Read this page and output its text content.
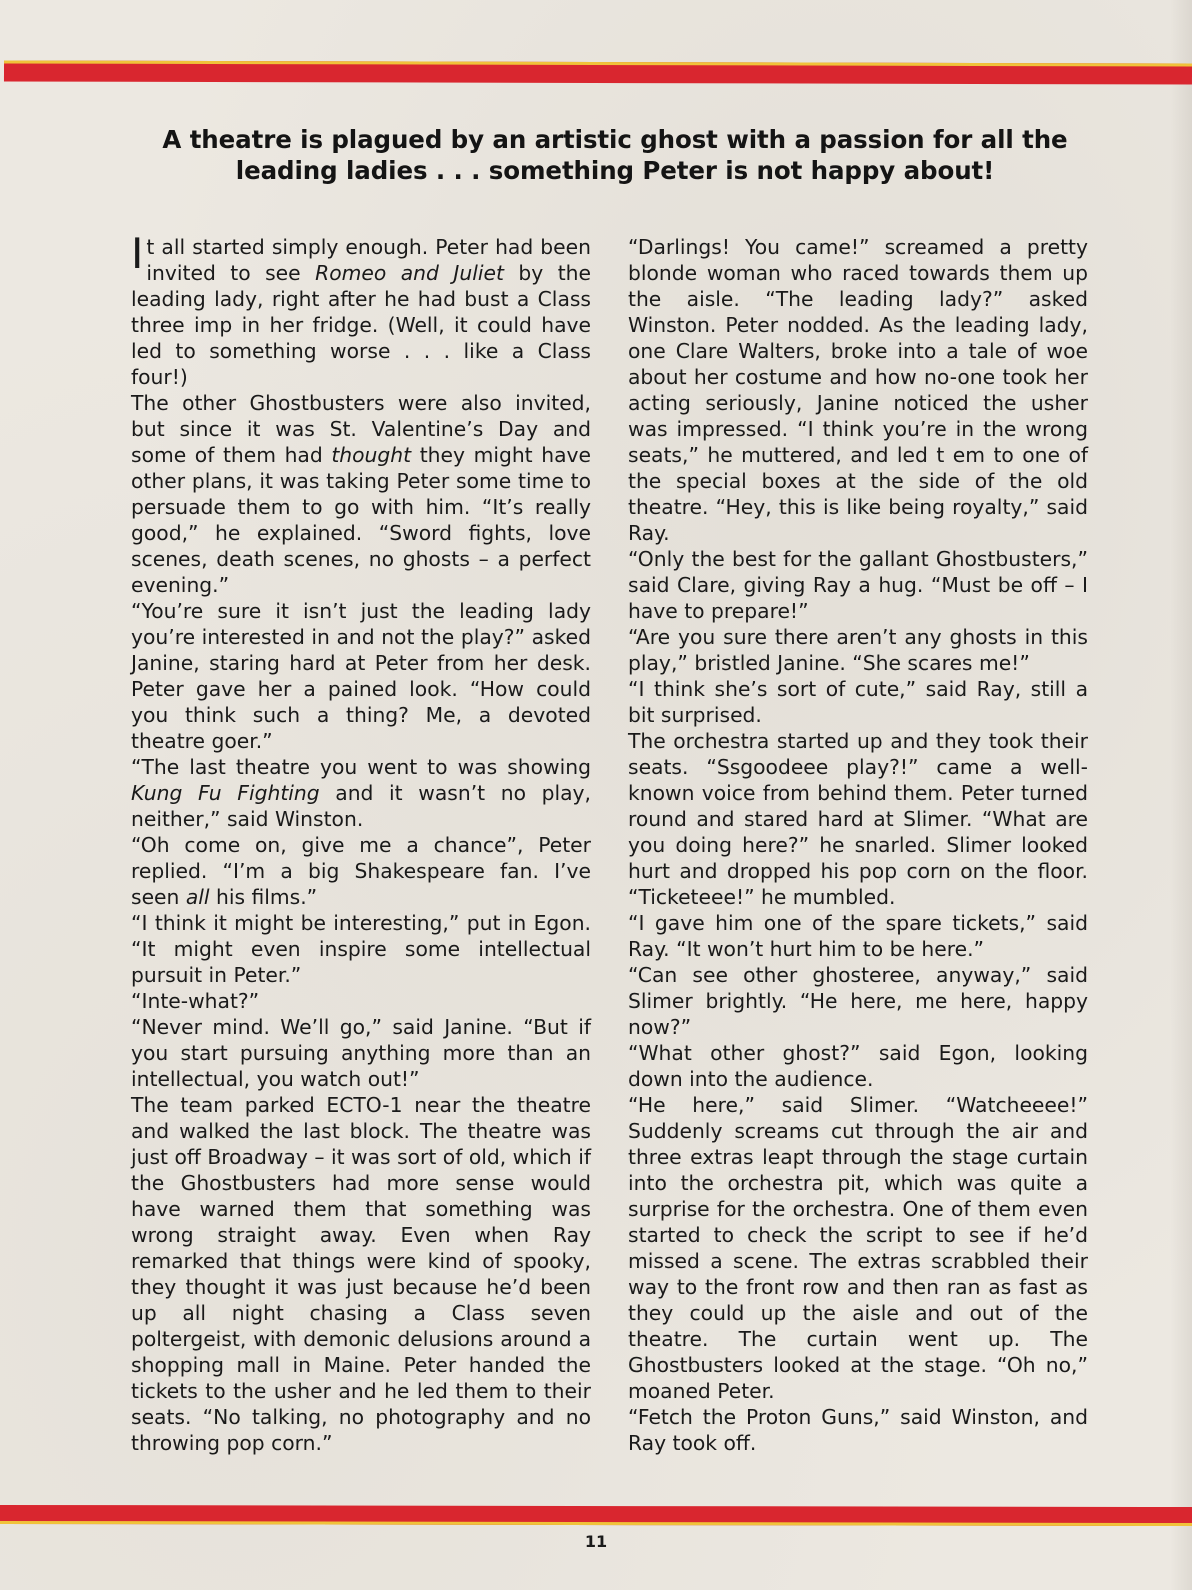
A theatre is plagued by an artistic ghost with a passion for all the leading ladies . . . something Peter is not happy about!

It all started simply enough. Peter had been invited to see Romeo and Juliet by the leading lady, right after he had bust a Class three imp in her fridge. (Well, it could have led to something worse . . . like a Class four!)

The other Ghostbusters were also invited, but since it was St. Valentine’s Day and some of them had thought they might have other plans, it was taking Peter some time to persuade them to go with him. “It’s really good,” he explained. “Sword fights, love scenes, death scenes, no ghosts – a perfect evening.”

“You’re sure it isn’t just the leading lady you’re interested in and not the play?” asked Janine, staring hard at Peter from her desk. Peter gave her a pained look. “How could you think such a thing? Me, a devoted theatre goer.”

“The last theatre you went to was showing Kung Fu Fighting and it wasn’t no play, neither,” said Winston.

“Oh come on, give me a chance”, Peter replied. “I’m a big Shakespeare fan. I’ve seen all his films.”

“I think it might be interesting,” put in Egon. “It might even inspire some intellectual pursuit in Peter.”

“Inte-what?”

“Never mind. We’ll go,” said Janine. “But if you start pursuing anything more than an intellectual, you watch out!”

The team parked ECTO-1 near the theatre and walked the last block. The theatre was just off Broadway – it was sort of old, which if the Ghostbusters had more sense would have warned them that something was wrong straight away. Even when Ray remarked that things were kind of spooky, they thought it was just because he’d been up all night chasing a Class seven poltergeist, with demonic delusions around a shopping mall in Maine. Peter handed the tickets to the usher and he led them to their seats. “No talking, no photography and no throwing pop corn.”

“Darlings! You came!” screamed a pretty blonde woman who raced towards them up the aisle. “The leading lady?” asked Winston. Peter nodded. As the leading lady, one Clare Walters, broke into a tale of woe about her costume and how no-one took her acting seriously, Janine noticed the usher was impressed. “I think you’re in the wrong seats,” he muttered, and led t em to one of the special boxes at the side of the old theatre. “Hey, this is like being royalty,” said Ray.

“Only the best for the gallant Ghostbusters,” said Clare, giving Ray a hug. “Must be off – I have to prepare!”

“Are you sure there aren’t any ghosts in this play,” bristled Janine. “She scares me!”

“I think she’s sort of cute,” said Ray, still a bit surprised.

The orchestra started up and they took their seats. “Ssgoodeee play?!” came a well-known voice from behind them. Peter turned round and stared hard at Slimer. “What are you doing here?” he snarled. Slimer looked hurt and dropped his pop corn on the floor. “Ticketeee!” he mumbled.

“I gave him one of the spare tickets,” said Ray. “It won’t hurt him to be here.”

“Can see other ghosteree, anyway,” said Slimer brightly. “He here, me here, happy now?”

“What other ghost?” said Egon, looking down into the audience.

“He here,” said Slimer. “Watcheeee!” Suddenly screams cut through the air and three extras leapt through the stage curtain into the orchestra pit, which was quite a surprise for the orchestra. One of them even started to check the script to see if he’d missed a scene. The extras scrabbled their way to the front row and then ran as fast as they could up the aisle and out of the theatre. The curtain went up. The Ghostbusters looked at the stage. “Oh no,” moaned Peter.

“Fetch the Proton Guns,” said Winston, and Ray took off.

11
